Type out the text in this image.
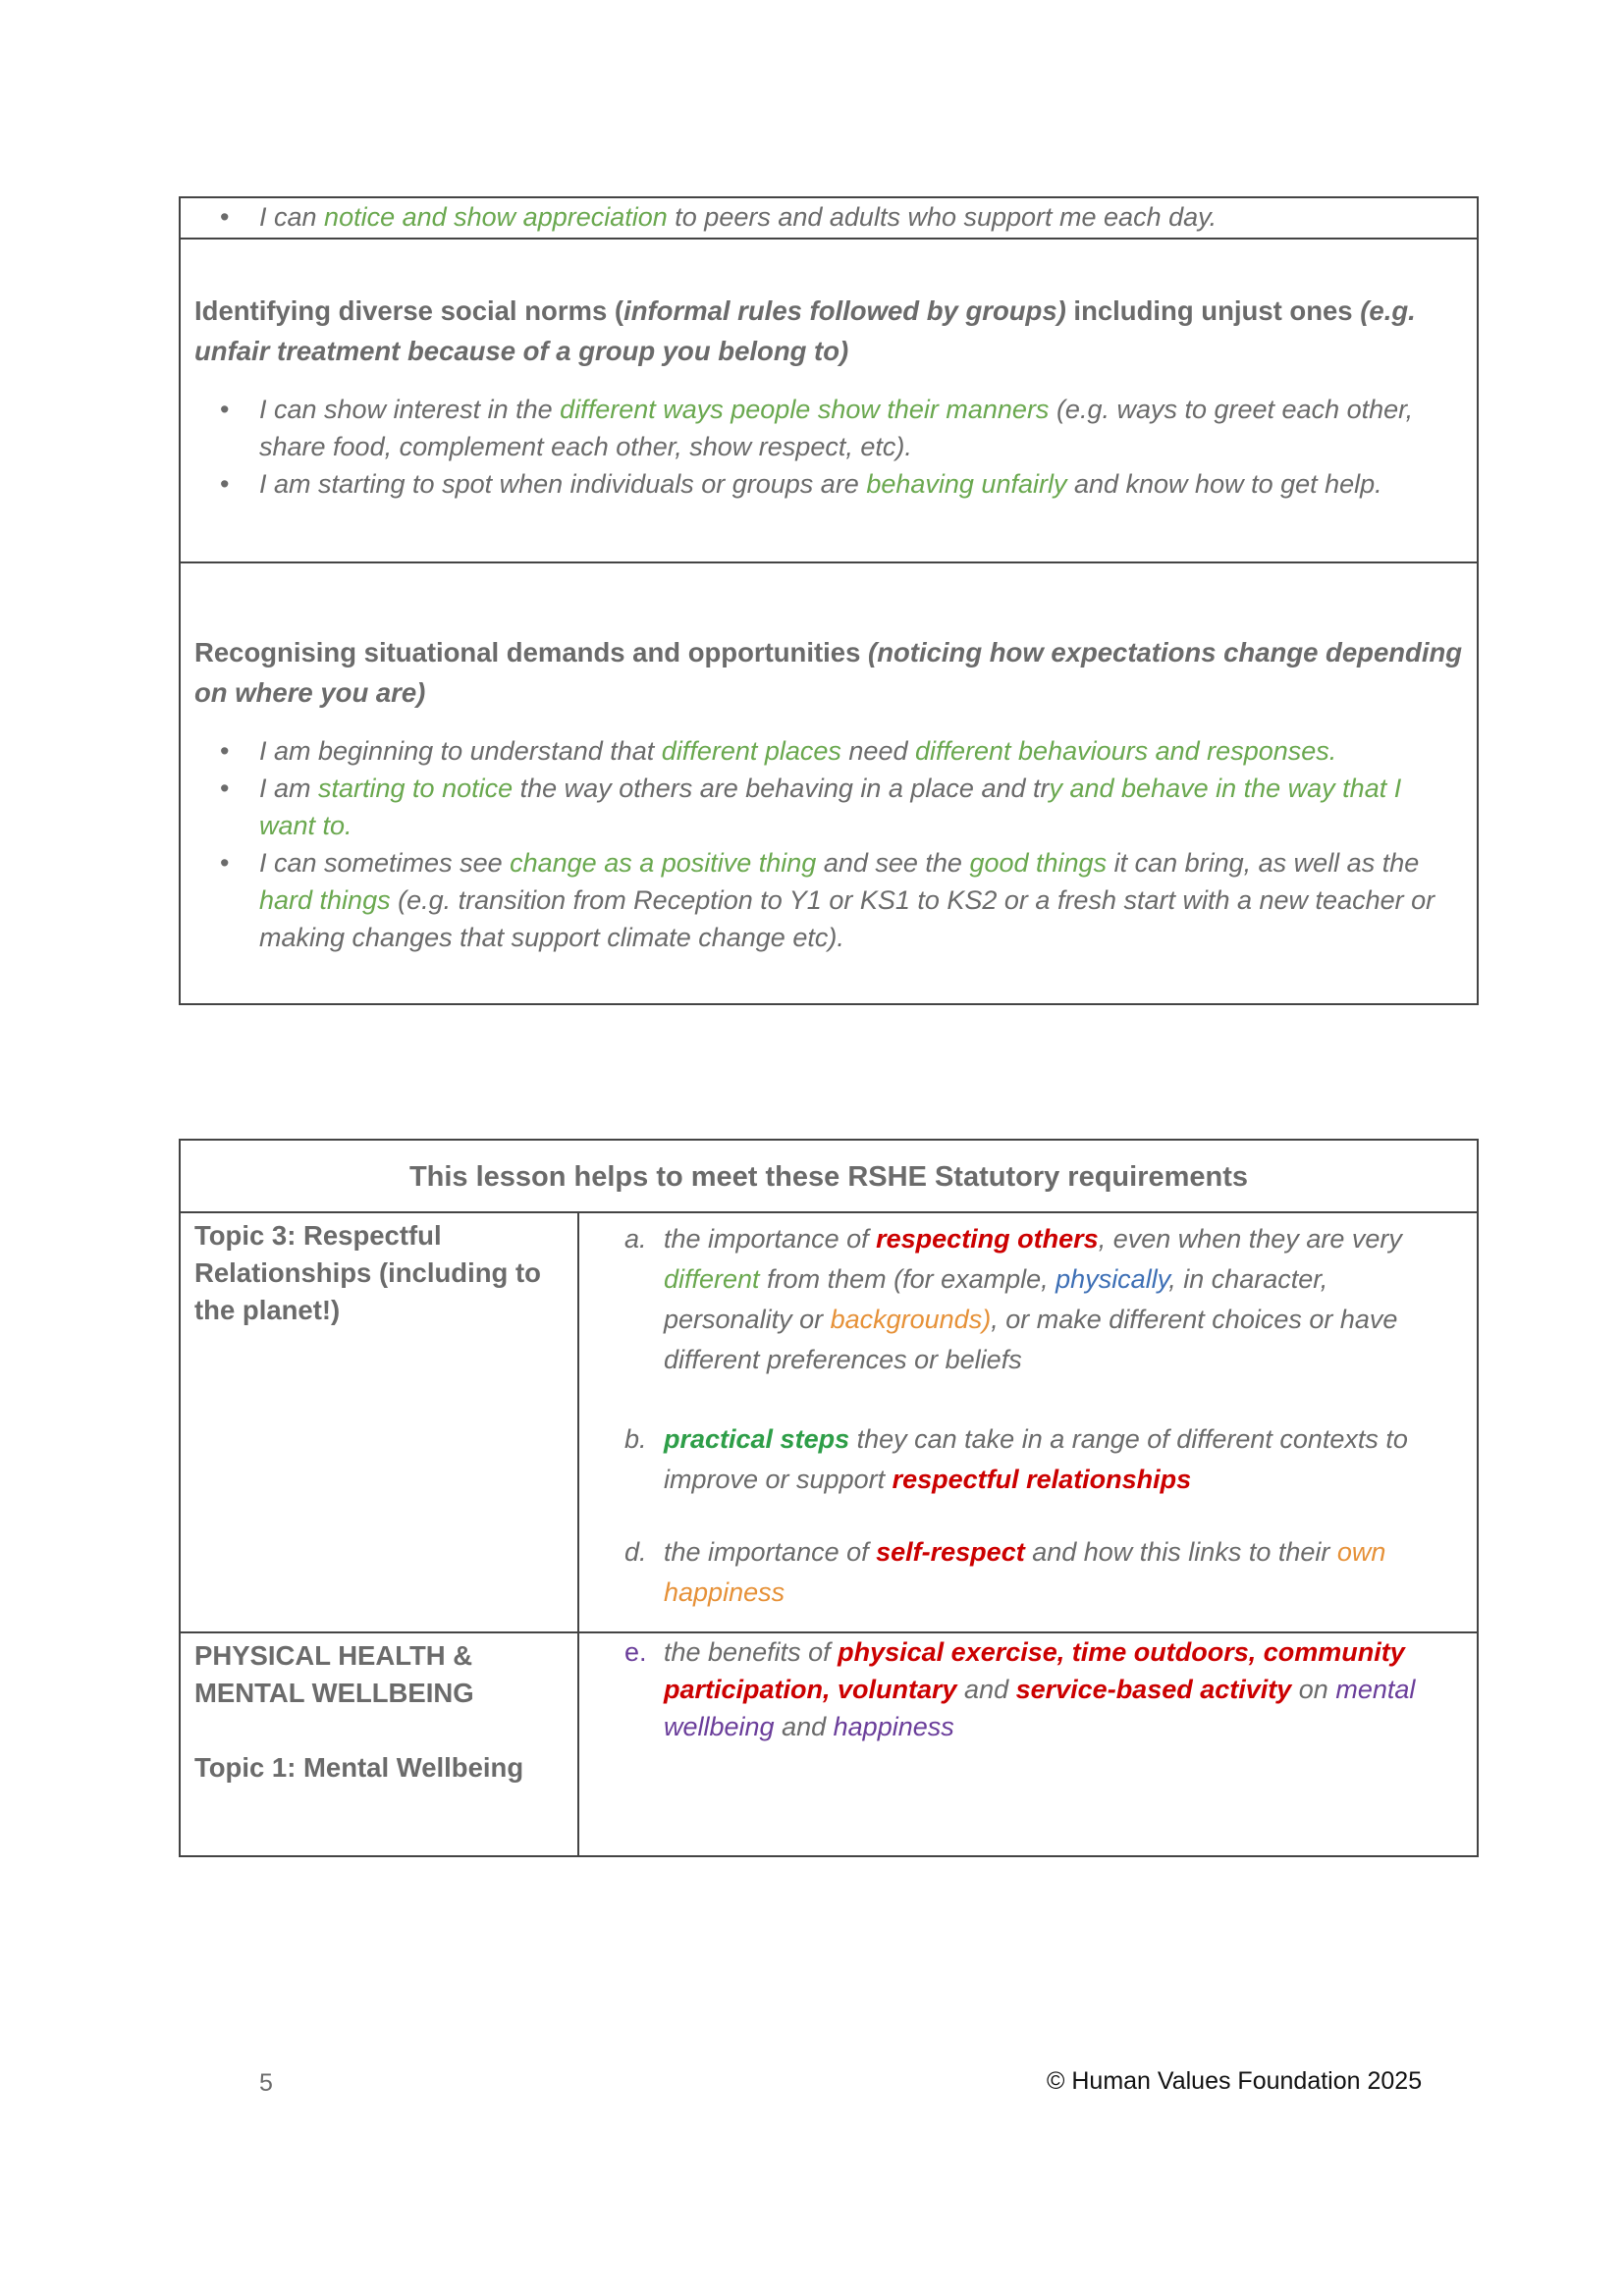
• I can notice and show appreciation to peers and adults who support me each day.
Identifying diverse social norms (informal rules followed by groups) including unjust ones (e.g. unfair treatment because of a group you belong to)
• I can show interest in the different ways people show their manners (e.g. ways to greet each other, share food, complement each other, show respect, etc).
• I am starting to spot when individuals or groups are behaving unfairly and know how to get help.
Recognising situational demands and opportunities (noticing how expectations change depending on where you are)
• I am beginning to understand that different places need different behaviours and responses.
• I am starting to notice the way others are behaving in a place and try and behave in the way that I want to.
• I can sometimes see change as a positive thing and see the good things it can bring, as well as the hard things (e.g. transition from Reception to Y1 or KS1 to KS2 or a fresh start with a new teacher or making changes that support climate change etc).
This lesson helps to meet these RSHE Statutory requirements
Topic 3: Respectful Relationships (including to the planet!)
a. the importance of respecting others, even when they are very different from them (for example, physically, in character, personality or backgrounds), or make different choices or have different preferences or beliefs
b. practical steps they can take in a range of different contexts to improve or support respectful relationships
d. the importance of self-respect and how this links to their own happiness
PHYSICAL HEALTH & MENTAL WELLBEING
Topic 1: Mental Wellbeing
e. the benefits of physical exercise, time outdoors, community participation, voluntary and service-based activity on mental wellbeing and happiness
5	© Human Values Foundation 2025
